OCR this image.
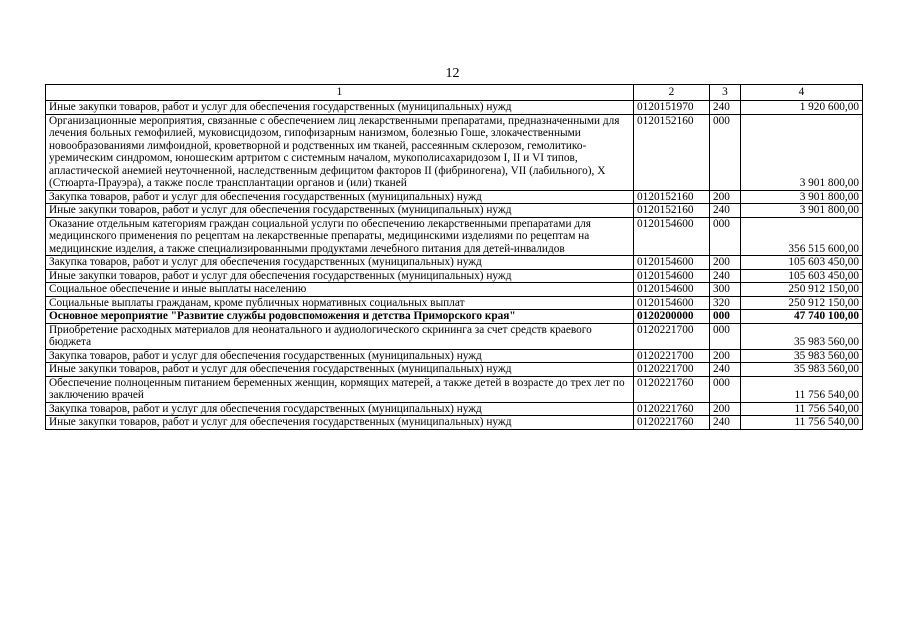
12
1	2	3	4
Иные закупки товаров, работ и услуг для обеспечения государственных (муниципальных) нужд	0120151970	240	1 920 600,00
Организационные мероприятия, связанные с обеспечением лиц лекарственными препаратами, предназначенными для лечения больных гемофилией, муковисцидозом, гипофизарным нанизмом, болезнью Гоше, злокачественными новообразованиями лимфоидной, кроветворной и родственных им тканей, рассеянным склерозом, гемолитико-уремическим синдромом, юношеским артритом с системным началом, мукополисахаридозом I, II и VI типов, апластической анемией неуточненной, наследственным дефицитом факторов II (фибриногена), VII (лабильного), X (Стюарта-Прауэра), а также после трансплантации органов и (или) тканей	0120152160	000	3 901 800,00
Закупка товаров, работ и услуг для обеспечения государственных (муниципальных) нужд	0120152160	200	3 901 800,00
Иные закупки товаров, работ и услуг для обеспечения государственных (муниципальных) нужд	0120152160	240	3 901 800,00
Оказание отдельным категориям граждан социальной услуги по обеспечению лекарственными препаратами для медицинского применения по рецептам на лекарственные препараты, медицинскими изделиями по рецептам на медицинские изделия, а также специализированными продуктами лечебного питания для детей-инвалидов	0120154600	000	356 515 600,00
Закупка товаров, работ и услуг для обеспечения государственных (муниципальных) нужд	0120154600	200	105 603 450,00
Иные закупки товаров, работ и услуг для обеспечения государственных (муниципальных) нужд	0120154600	240	105 603 450,00
Социальное обеспечение и иные выплаты населению	0120154600	300	250 912 150,00
Социальные выплаты гражданам, кроме публичных нормативных социальных выплат	0120154600	320	250 912 150,00
Основное мероприятие "Развитие службы родовспоможения и детства Приморского края"	0120200000	000	47 740 100,00
Приобретение расходных материалов для неонатального и аудиологического скрининга за счет средств краевого бюджета	0120221700	000	35 983 560,00
Закупка товаров, работ и услуг для обеспечения государственных (муниципальных) нужд	0120221700	200	35 983 560,00
Иные закупки товаров, работ и услуг для обеспечения государственных (муниципальных) нужд	0120221700	240	35 983 560,00
Обеспечение полноценным питанием беременных женщин, кормящих матерей, а также детей в возрасте до трех лет по заключению врачей	0120221760	000	11 756 540,00
Закупка товаров, работ и услуг для обеспечения государственных (муниципальных) нужд	0120221760	200	11 756 540,00
Иные закупки товаров, работ и услуг для обеспечения государственных (муниципальных) нужд	0120221760	240	11 756 540,00
